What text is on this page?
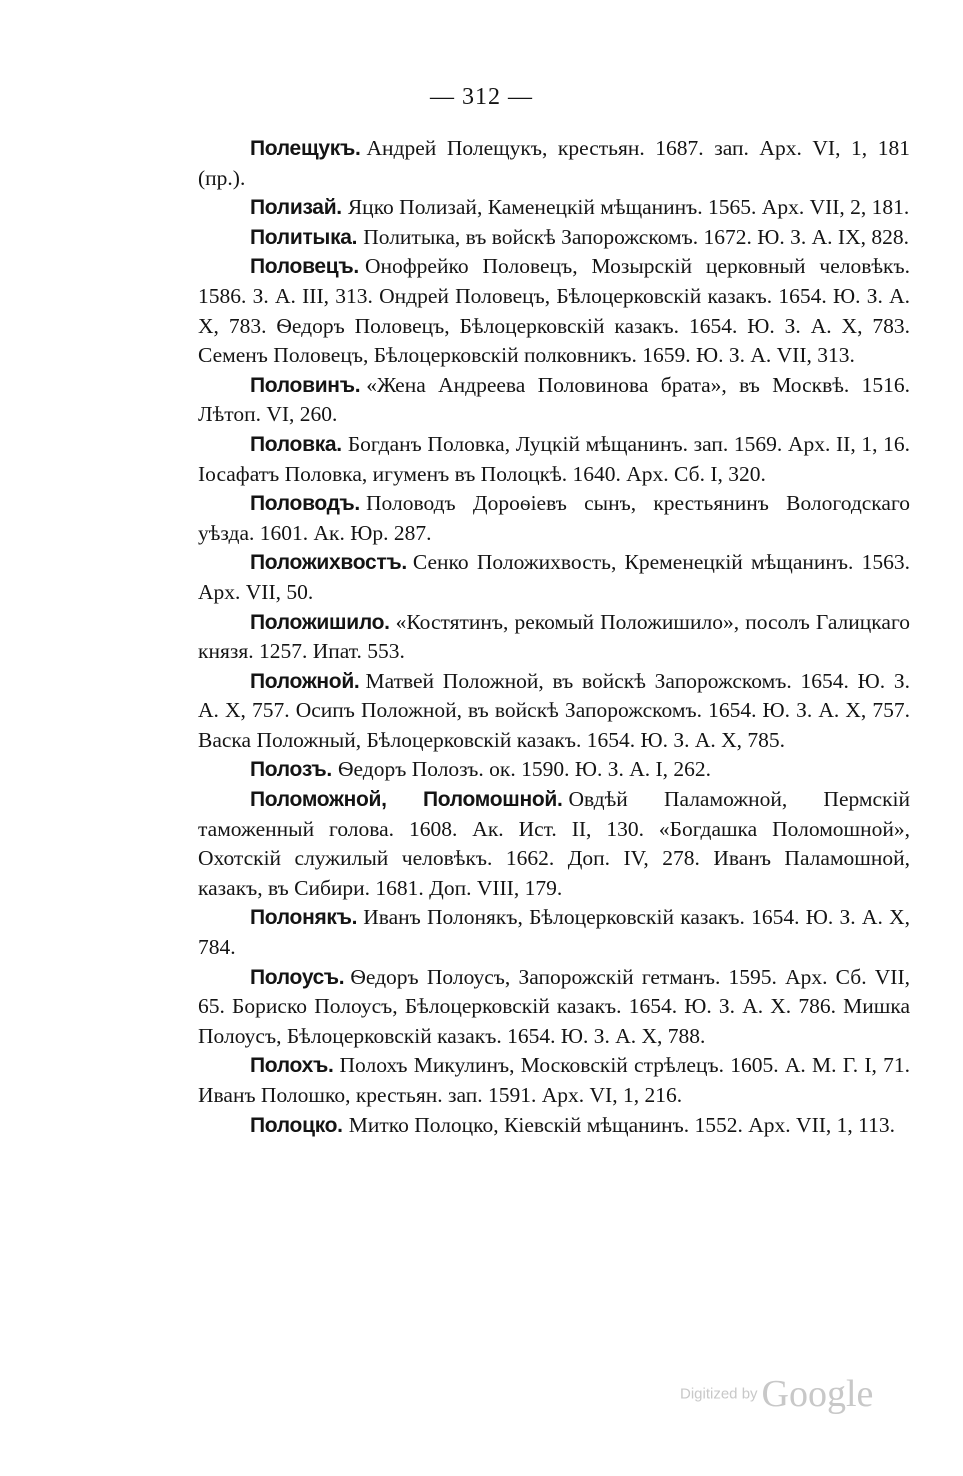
— 312 —

Полещукъ. Андрей Полещукъ, крестьян. 1687. зап. Арх. VI, 1, 181 (пр.).

Полизай. Яцко Полизай, Каменецкій мѣщанинъ. 1565. Арх. VII, 2, 181.

Политыка. Политыка, въ войскѣ Запорожскомъ. 1672. Ю. З. А. IX, 828.

Половецъ. Онофрейко Половецъ, Мозырскій церковный человѣкъ. 1586. З. А. III, 313. Ондрей Половецъ, Бѣлоцерковскій казакъ. 1654. Ю. З. А. X, 783. Ѳедоръ Половецъ, Бѣлоцерковскій казакъ. 1654. Ю. З. А. X, 783. Семенъ Половецъ, Бѣлоцерковскій полковникъ. 1659. Ю. З. А. VII, 313.

Половинъ. «Жена Андреева Половинова брата», въ Москвѣ. 1516. Лѣтоп. VI, 260.

Половка. Богданъ Половка, Луцкій мѣщанинъ. зап. 1569. Арх. II, 1, 16. Іосафатъ Половка, игуменъ въ Полоцкѣ. 1640. Арх. Сб. I, 320.

Половодъ. Половодъ Дороѳіевъ сынъ, крестьянинъ Вологодскаго уѣзда. 1601. Ак. Юр. 287.

Положихвостъ. Сенко Положихвость, Кременецкій мѣщанинъ. 1563. Арх. VII, 50.

Положишило. «Костятинъ, рекомый Положишило», посолъ Галицкаго князя. 1257. Ипат. 553.

Положной. Матвей Положной, въ войскѣ Запорожскомъ. 1654. Ю. З. А. X, 757. Осипъ Положной, въ войскѣ Запорожскомъ. 1654. Ю. З. А. X, 757. Васка Положный, Бѣлоцерковскій казакъ. 1654. Ю. З. А. X, 785.

Полозъ. Ѳедоръ Полозъ. ок. 1590. Ю. З. А. I, 262.

Поломожной, Поломошной. Овдѣй Паламожной, Пермскій таможенный голова. 1608. Ак. Ист. II, 130. «Богдашка Поломошной», Охотскій служилый человѣкъ. 1662. Доп. IV, 278. Иванъ Паламошной, казакъ, въ Сибири. 1681. Доп. VIII, 179.

Полонякъ. Иванъ Полонякъ, Бѣлоцерковскій казакъ. 1654. Ю. З. А. X, 784.

Полоусъ. Ѳедоръ Полоусъ, Запорожскій гетманъ. 1595. Арх. Сб. VII, 65. Бориско Полоусъ, Бѣлоцерковскій казакъ. 1654. Ю. З. А. X. 786. Мишка Полоусъ, Бѣлоцерковскій казакъ. 1654. Ю. З. А. X, 788.

Полохъ. Полохъ Микулинъ, Московскій стрѣлецъ. 1605. А. М. Г. I, 71. Иванъ Полошко, крестьян. зап. 1591. Арх. VI, 1, 216.

Полоцко. Митко Полоцко, Кіевскій мѣщанинъ. 1552. Арх. VII, 1, 113.

Digitized by Google
